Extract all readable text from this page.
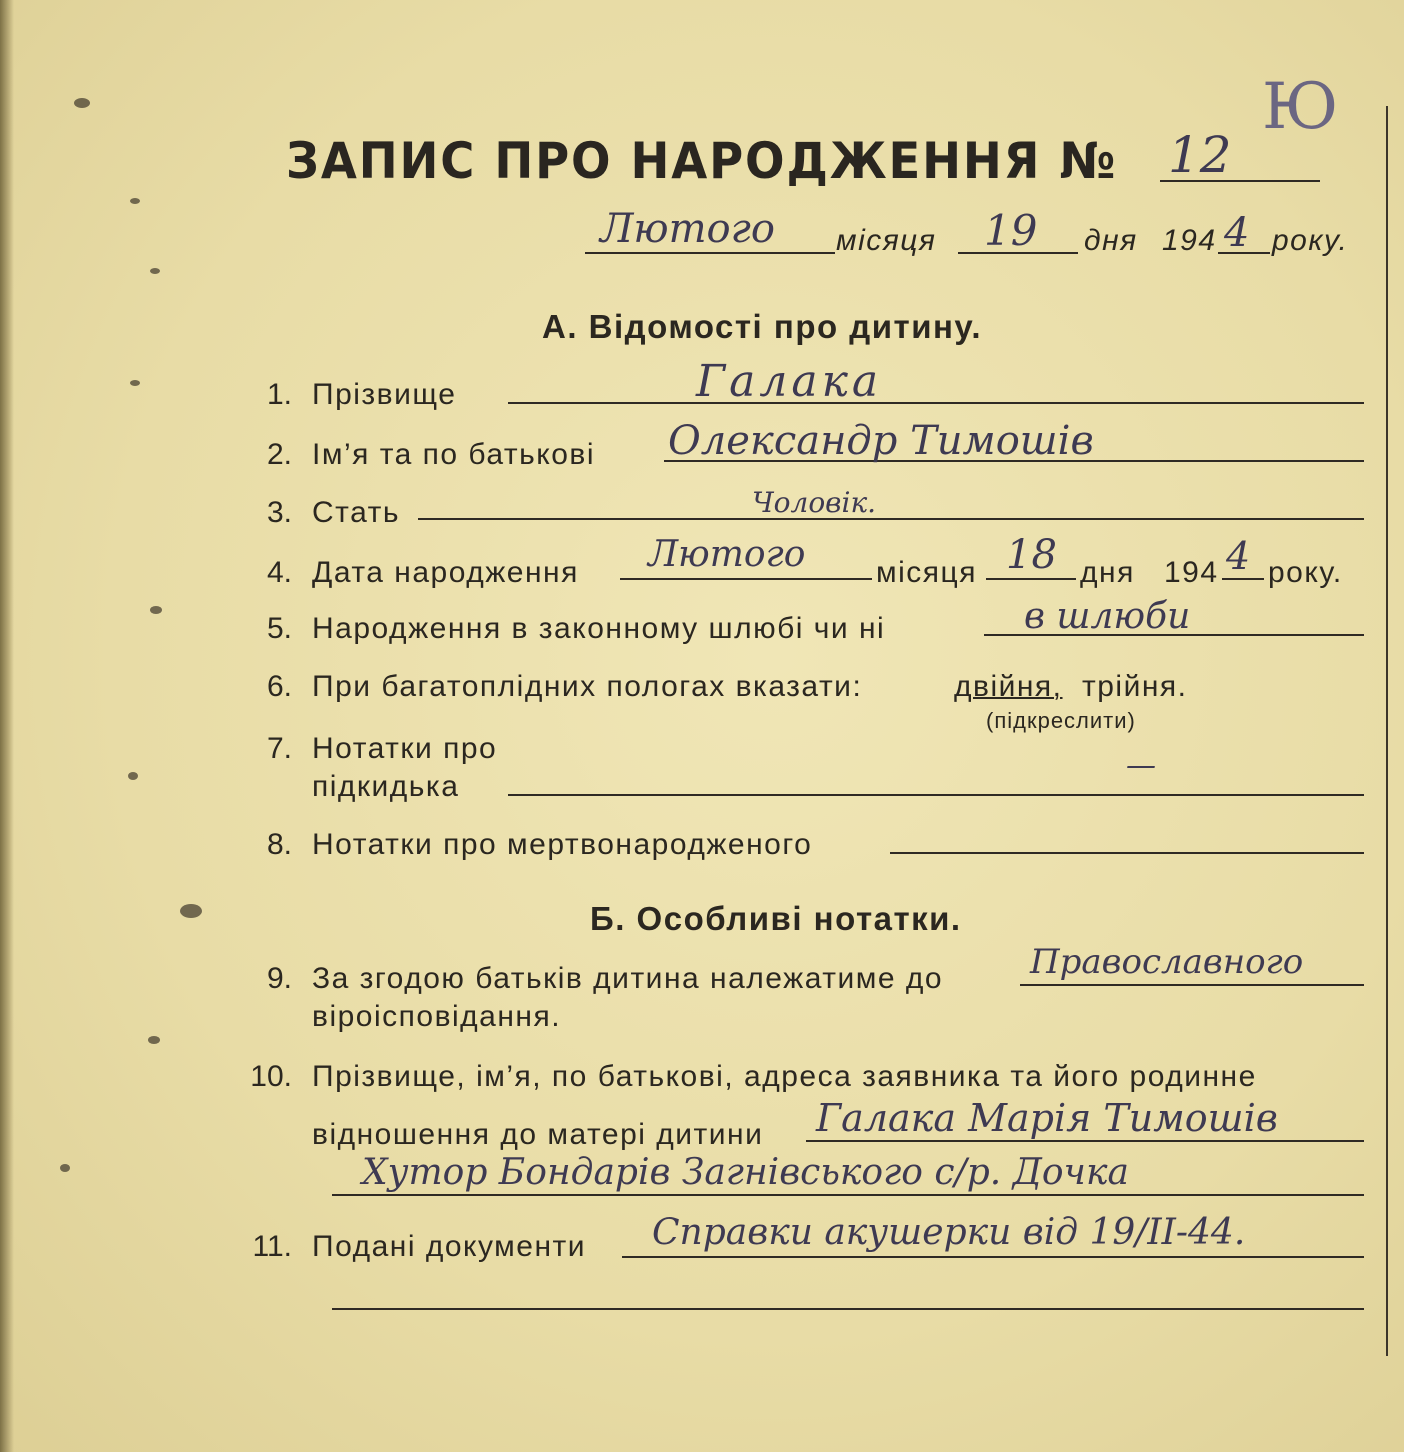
Ю
ЗАПИС ПРО НАРОДЖЕННЯ № 12
Лютого місяця 19 дня 194 4 року.
А. Відомості про дитину.
1. Прізвище	Галака
2. Ім’я та по батькові Олександр Тимошів
3. Стать	Чоловік.
4. Дата народження Лютого місяця 18 дня 194 4 року.
5. Народження в законному шлюбі чи ні	в шлюби
6. При багатоплідних пологах вказати:	двійня, трійня.
(підкреслити)
7. Нотатки про
підкидька
—
8. Нотатки про мертвонародженого
Б. Особливі нотатки.
9. За згодою батьків дитина належатиме до
віроісповідання.
Православного
10. Прізвище, ім’я, по батькові, адреса заявника та його родинне
відношення до матері дитини Галака Марія Тимошів
Хутор Бондарів Загнівського с/р. Дочка
11. Подані документи Справки акушерки від 19/II-44.
